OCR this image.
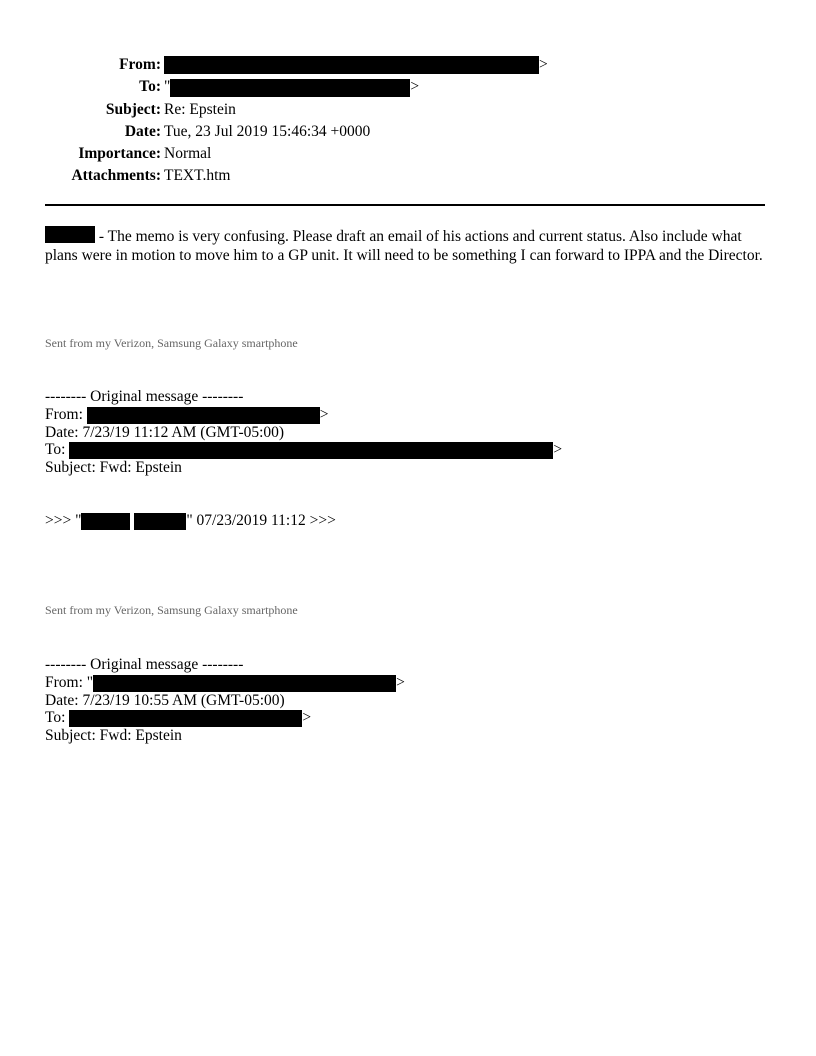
From:	>
To: "	>
Subject: Re: Epstein
Date: Tue, 23 Jul 2019 15:46:34 +0000
Importance: Normal
Attachments: TEXT.htm
- The memo is very confusing. Please draft an email of his actions and current status. Also include what plans were in motion to move him to a GP unit. It will need to be something I can forward to IPPA and the Director.
Sent from my Verizon, Samsung Galaxy smartphone
-------- Original message --------
From:	>
Date: 7/23/19 11:12 AM (GMT-05:00)
To:	>
Subject: Fwd: Epstein
>>> "	" 07/23/2019 11:12 >>>
Sent from my Verizon, Samsung Galaxy smartphone
-------- Original message --------
From: "	>
Date: 7/23/19 10:55 AM (GMT-05:00)
To:	>
Subject: Fwd: Epstein
